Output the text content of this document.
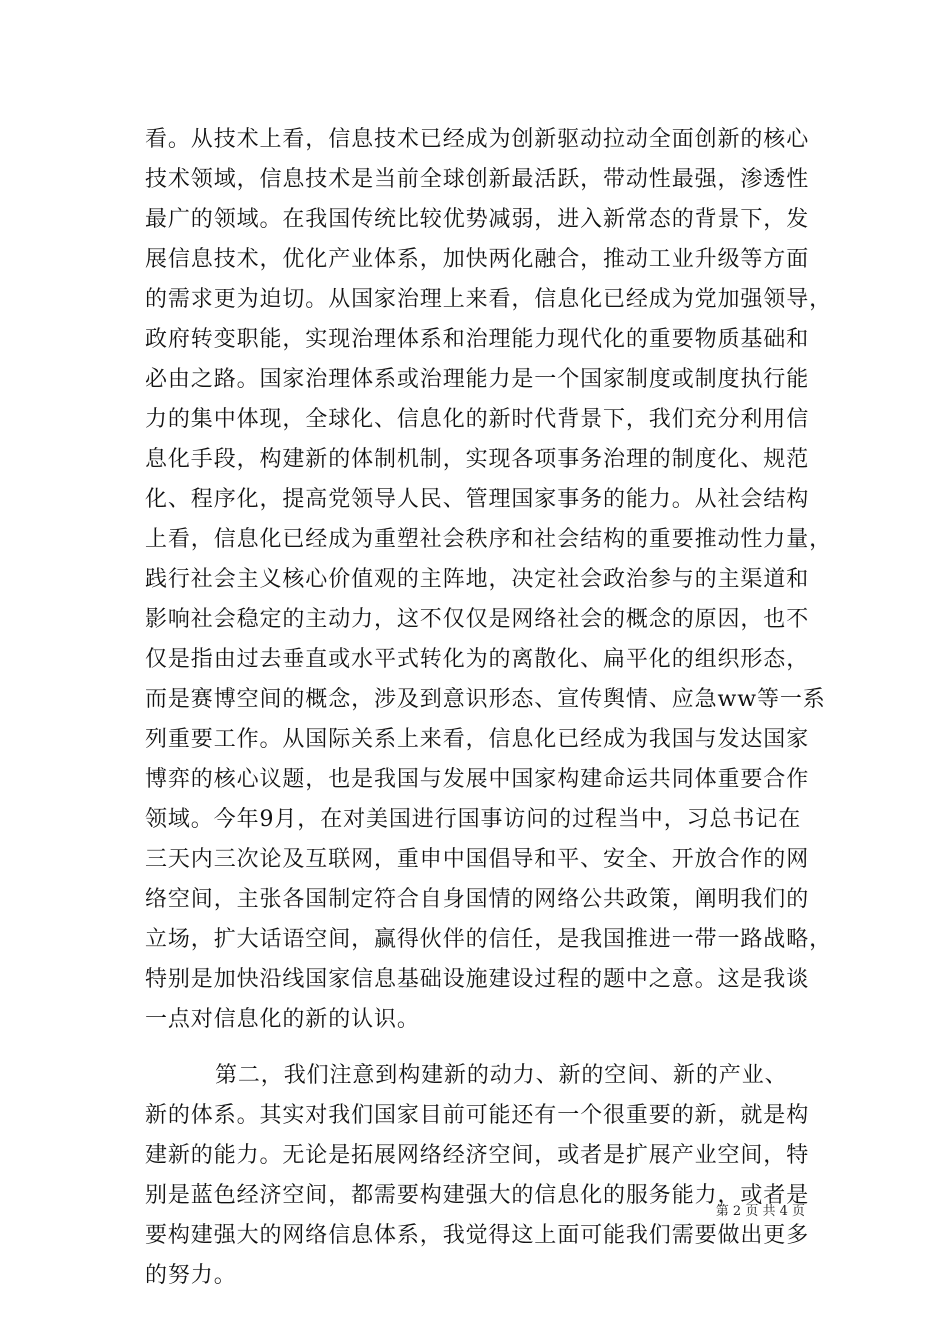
看。从技术上看，信息技术已经成为创新驱动拉动全面创新的核心
技术领域，信息技术是当前全球创新最活跃，带动性最强，渗透性
最广的领域。在我国传统比较优势减弱，进入新常态的背景下，发
展信息技术，优化产业体系，加快两化融合，推动工业升级等方面
的需求更为迫切。从国家治理上来看，信息化已经成为党加强领导，
政府转变职能，实现治理体系和治理能力现代化的重要物质基础和
必由之路。国家治理体系或治理能力是一个国家制度或制度执行能
力的集中体现，全球化、信息化的新时代背景下，我们充分利用信
息化手段，构建新的体制机制，实现各项事务治理的制度化、规范
化、程序化，提高党领导人民、管理国家事务的能力。从社会结构
上看，信息化已经成为重塑社会秩序和社会结构的重要推动性力量，
践行社会主义核心价值观的主阵地，决定社会政治参与的主渠道和
影响社会稳定的主动力，这不仅仅是网络社会的概念的原因，也不
仅是指由过去垂直或水平式转化为的离散化、扁平化的组织形态，
而是赛博空间的概念，涉及到意识形态、宣传舆情、应急ww等一系
列重要工作。从国际关系上来看，信息化已经成为我国与发达国家
博弈的核心议题，也是我国与发展中国家构建命运共同体重要合作
领域。今年9月，在对美国进行国事访问的过程当中，习总书记在
三天内三次论及互联网，重申中国倡导和平、安全、开放合作的网
络空间，主张各国制定符合自身国情的网络公共政策，阐明我们的
立场，扩大话语空间，赢得伙伴的信任，是我国推进一带一路战略，
特别是加快沿线国家信息基础设施建设过程的题中之意。这是我谈
一点对信息化的新的认识。
第二，我们注意到构建新的动力、新的空间、新的产业、
新的体系。其实对我们国家目前可能还有一个很重要的新，就是构
建新的能力。无论是拓展网络经济空间，或者是扩展产业空间，特
别是蓝色经济空间，都需要构建强大的信息化的服务能力，或者是
要构建强大的网络信息体系，我觉得这上面可能我们需要做出更多
的努力。
第 2 页 共 4 页
